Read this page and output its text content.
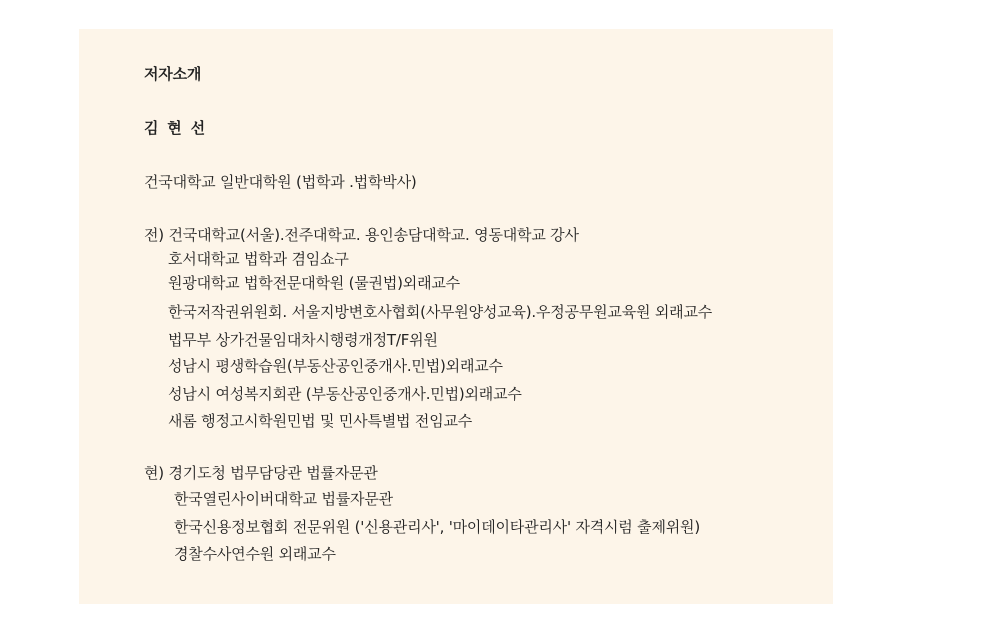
저자소개
김 현 선
건국대학교 일반대학원 (법학과 .법학박사)
전) 건국대학교(서울).전주대학교. 용인송담대학교. 영동대학교 강사
호서대학교 법학과 겸임쇼구
원광대학교 법학전문대학원 (물권법)외래교수
한국저작권위원회. 서울지방변호사협회(사무원양성교육).우정공무원교육원 외래교수
법무부 상가건물임대차시행령개정T/F위원
성남시 평생학습원(부동산공인중개사.민법)외래교수
성남시 여성복지회관 (부동산공인중개사.민법)외래교수
새롬 행정고시학원민법 및 민사특별법 전임교수
현) 경기도청 법무담당관 법률자문관
한국열린사이버대학교 법률자문관
한국신용정보협회 전문위원 ('신용관리사', '마이데이타관리사' 자격시럼 출제위원)
경찰수사연수원 외래교수
